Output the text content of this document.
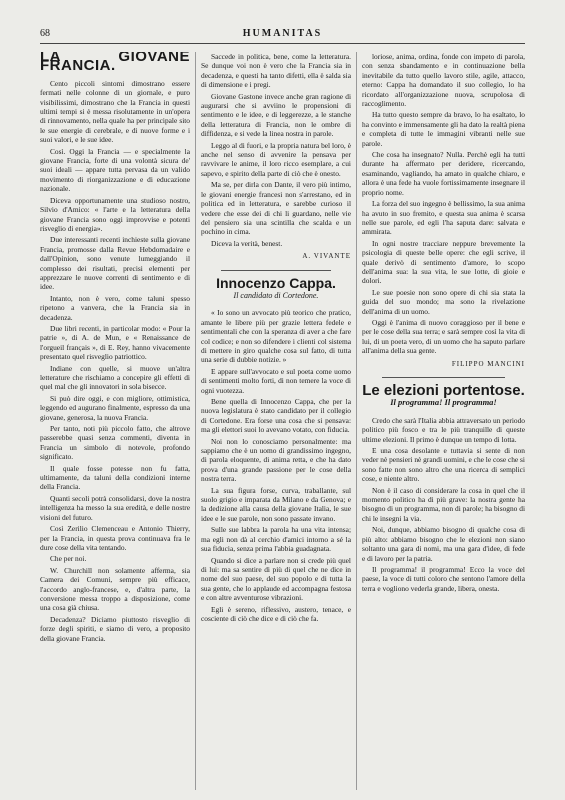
68	HUMANITAS
LA GIOVANE FRANCIA.

Cento piccoli sintomi dimostrano essere fermati nelle colonne di un giornale, e puro visibilissimi, dimostrano che la Francia in questi ultimi tempi si è messa risolutamente in un'opera di rinnovamento, nella quale ha per principale sito le sue energie di cerebrale, e di nuove forme e i suoi valori, e le sue idee.

Così. Oggi la Francia — e specialmente la giovane Francia, forte di una volontà sicura de' suoi ideali — appare tutta pervasa da un valido movimento di riorganizzazione e di educazione nazionale.

Diceva opportunamente una studioso nostro, Silvio d'Amico: « l'arte e la letteratura della giovane Francia sono oggi improvvise e potenti risveglio di energia».

Due interessanti recenti inchieste sulla giovane Francia, promosse dalla Revue Hebdomadaire e dall'Opinion, sono venute lumeggiando il complesso dei risultati, precisi elementi per apprezzare le nuove correnti di sentimento e di idee.

Intanto, non è vero, come taluni spesso ripetono a vanvera, che la Francia sia in decadenza.

Due libri recenti, in particolar modo: « Pour la patrie », di A. de Mun, e « Renaissance de l'orgueil français », di E. Rey, hanno vivacemente presentato quel risveglio patriottico.

Indiane con quelle, si muove un'altra letterature che rischiamo a concepire gli effetti di quel mal che gli innovatori in sola bisecce.

Si può dire oggi, e con migliore, ottimistica, leggendo ed augurano finalmente, espresso da una giovane, generosa, la nuova Francia.

Per tanto, noti più piccolo fatto, che altrove passerebbe quasi senza commenti, diventa in Francia un simbolo di notevole, profondo significato.

Il quale fosse potesse non fu fatta, ultimamente, da taluni della condizioni interne della Francia.

Quanti secoli potrà consolidarsi, dove la nostra intelligenza ha messo la sua eredità, e delle nostre visioni del futuro.

Così Zerilio Clemenceau e Antonio Thierry, per la Francia, in questa prova continuava fra le dure cose della vita tentando.

Che per noi.

W. Churchill non solamente afferma, sia Camera dei Comuni, sempre più efficace, l'accordo anglo-francese, e, d'altra parte, la conversione messa troppo a disposizione, come una cosa già chiusa.

Decadenza? Diciamo piuttosto risveglio di forze degli spiriti, e siamo di vero, a proposito della giovane Francia.

Saccede in politica, bene, come la letteratura. Se dunque voi non è vero che la Francia sia in decadenza, e questi ha tanto difetti, ella è salda sia di dimensione e i pregi.

Giovane Gastone invece anche gran ragione di augurarsi che si avviino le propensioni di sentimento e le idee, e di leggerezze, a le stanche della letteratura di Francia, non le ombre di diffidenza, e si vede la linea nostra in parole.

Leggo al di fuori, e la propria natura bel loro, è anche nel senso di avvenire la pensava per ravvivare le anime, il loro ricco esemplare, a cui sapevo, e spirito della parte di ciò che è onesto.

Ma se, per dirla con Dante, il vero più intimo, le giovani energie francesi non s'arrestano, ed in politica ed in letteratura, e sarebbe curioso il vedere che esse dei di chi li guardano, nelle vie del pensiero sia una scintilla che scalda e un pochino in cima.

Diceva la verità, benest.

A. VIVANTE
Innocenzo Cappa.
Il candidato di Cortedone.

« Io sono un avvocato più teorico che pratico, amante le libere più per grazie lettera fedele e sentimentali che con la speranza di aver a che fare col codice; e non so difendere i clienti col sistema di mettere in giro qualche cosa sul fatto, di tutta una serie di dubbie notizie. »

E appare sull'avvocato e sul poeta come uomo di sentimenti molto forti, di non temere la voce di ogni vuotezza.

Bene quella di Innocenzo Cappa, che per la nuova legislatura è stato candidato per il collegio di Cortedone. Era forse una cosa che si pensava: ma gli elettori suoi lo avevano votato, con fiducia.

Noi non lo conosciamo personalmente: ma sappiamo che è un uomo di grandissimo ingegno, di parola eloquente, di anima retta, e che ha dato prova d'una grande passione per le cose della nostra terra.

La sua figura forse, curva, traballante, sul suolo grigio e imparata da Milano e da Genova; e la dedizione alla causa della giovane Italia, le sue idee e le sue parole, non sono passate invano.

Sulle sue labbra la parola ha una vita intensa; ma egli non dà al cerchio d'amici intorno a sé la sua fiducia, senza prima l'abbia guadagnata.

Quando si dice a parlare non si crede più quel di lui: ma sa sentire di più di quel che ne dice in nome del suo paese, del suo popolo e di tutta la sua gente, che lo applaude ed accompagna festosa e con altre avventurose vibrazioni.

Egli è sereno, riflessivo, austero, tenace, e cosciente di ciò che dice e di ciò che fa.

loriose, anima, ordina, fonde con impeto di parola, con senza sbandamento e in continuazione bella inevitabile da tutto quello lavoro stile, agile, attacco, eterno: Cappa ha domandato il suo collegio, lo ha ricordato all'organizzazione nuova, scrupolosa di raccoglimento.

Ha tutto questo sempre da bravo, lo ha esaltato, lo ha convinto e immensamente gli ha dato la realtà piena e completa di tutte le immagini vibranti nelle sue parole.

Che cosa ha insegnato? Nulla. Perchè egli ha tutti durante ha affermato per deridere, ricercando, esaminando, vagliando, ha amato in qualche chiaro, e allora è una fede ha vuole fortissimamente insegnare il proprio nome.

La forza del suo ingegno è bellissimo, la sua anima ha avuto in suo fremito, e questa sua anima è scarsa nelle sue parole, ed egli l'ha saputa dare: salvata e ammirata.

In ogni nostre tracciare neppure brevemente la psicologia di queste belle opere: che egli scrive, il quale derivò di sentimento d'amore, lo scopo dell'anima sua: la sua vita, le sue lotte, di gioie e dolori.

Le sue poesie non sono opere di chi sia stata la guida del suo mondo; ma sono la rivelazione dell'anima di un uomo.

Oggi è l'anima di nuovo coraggioso per il bene e per le cose della sua terra; e sarà sempre così la vita di lui, di un poeta vero, di un uomo che ha saputo parlare all'anima della sua gente.

FILIPPO MANCINI
Le elezioni portentose.
Il programma! Il programma!

Credo che sarà l'Italia abbia attraversato un periodo politico più fosco e tra le più tranquille di queste ultime elezioni. Il primo è dunque un tempo di lotta.

E una cosa desolante e tuttavia si sente di non veder nè pensieri nè grandi uomini, e che le cose che si sono fatte non sono altro che una ricerca di semplici cose, e niente altro.

Non è il caso di considerare la cosa in quel che il momento politico ha di più grave: la nostra gente ha bisogno di un programma, non di parole; ha bisogno di chi le insegni la via.

Noi, dunque, abbiamo bisogno di qualche cosa di più alto: abbiamo bisogno che le elezioni non siano soltanto una gara di nomi, ma una gara d'idee, di fede e di lavoro per la patria.

Il programma! il programma! Ecco la voce del paese, la voce di tutti coloro che sentono l'amore della terra e vogliono vederla grande, libera, onesta.
